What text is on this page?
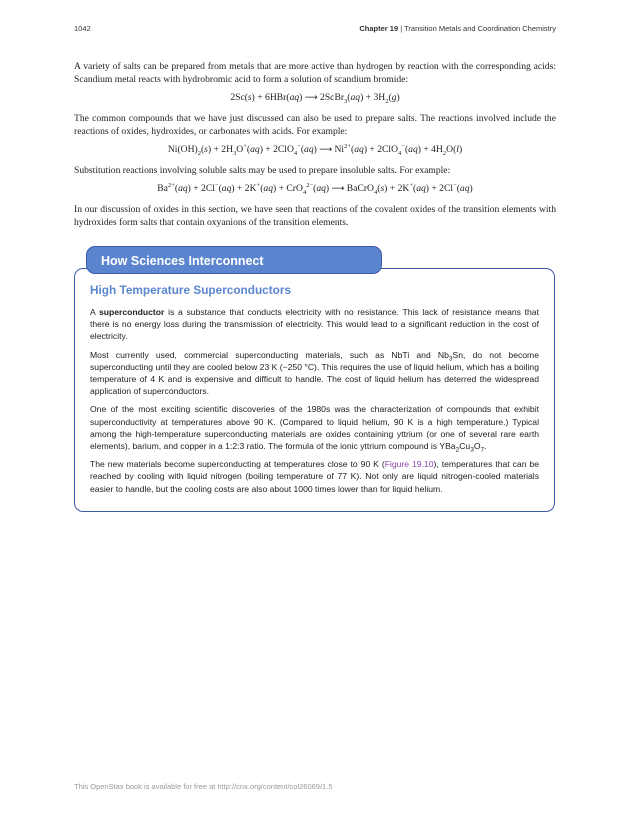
1042	Chapter 19 | Transition Metals and Coordination Chemistry

A variety of salts can be prepared from metals that are more active than hydrogen by reaction with the corresponding acids: Scandium metal reacts with hydrobromic acid to form a solution of scandium bromide:

2Sc(s) + 6HBr(aq) ⟶ 2ScBr$_3$(aq) + $3H_2(g)$

The common compounds that we have just discussed can also be used to prepare salts. The reactions involved include the reactions of oxides, hydroxides, or carbonates with acids. For example:

$Ni(OH)_2(s) + 2H_3O^+(aq) + 2ClO_4^-(aq)$ ⟶ $Ni^{2+}(aq) + 2ClO_4^-(aq) + 4H_2O(l)$

Substitution reactions involving soluble salts may be used to prepare insoluble salts. For example:

$Ba^{2+}(aq) + 2Cl^-(aq) + 2K^+(aq) + CrO_4^{2-}(aq)$ ⟶ BaCrO$_4$(s) + 2K+(aq) + 2Cl−(aq)

In our discussion of oxides in this section, we have seen that reactions of the covalent oxides of the transition elements with hydroxides form salts that contain oxyanions of the transition elements.

How Sciences Interconnect
High Temperature Superconductors

A superconductor is a substance that conducts electricity with no resistance. This lack of resistance means that there is no energy loss during the transmission of electricity. This would lead to a significant reduction in the cost of electricity.

Most currently used, commercial superconducting materials, such as NbTi and $Nb_3Sn$, do not become superconducting until they are cooled below 23 K (−250 °C). This requires the use of liquid helium, which has a boiling temperature of 4 K and is expensive and difficult to handle. The cost of liquid helium has deterred the widespread application of superconductors.

One of the most exciting scientific discoveries of the 1980s was the characterization of compounds that exhibit superconductivity at temperatures above 90 K. (Compared to liquid helium, 90 K is a high temperature.) Typical among the high-temperature superconducting materials are oxides containing yttrium (or one of several rare earth elements), barium, and copper in a 1:2:3 ratio. The formula of the ionic yttrium compound is $YBa_2Cu_3O_7$.

The new materials become superconducting at temperatures close to 90 K (Figure 19.10), temperatures that can be reached by cooling with liquid nitrogen (boiling temperature of 77 K). Not only are liquid nitrogen-cooled materials easier to handle, but the cooling costs are also about 1000 times lower than for liquid helium.

This OpenStax book is available for free at http://cnx.org/content/col26069/1.5
